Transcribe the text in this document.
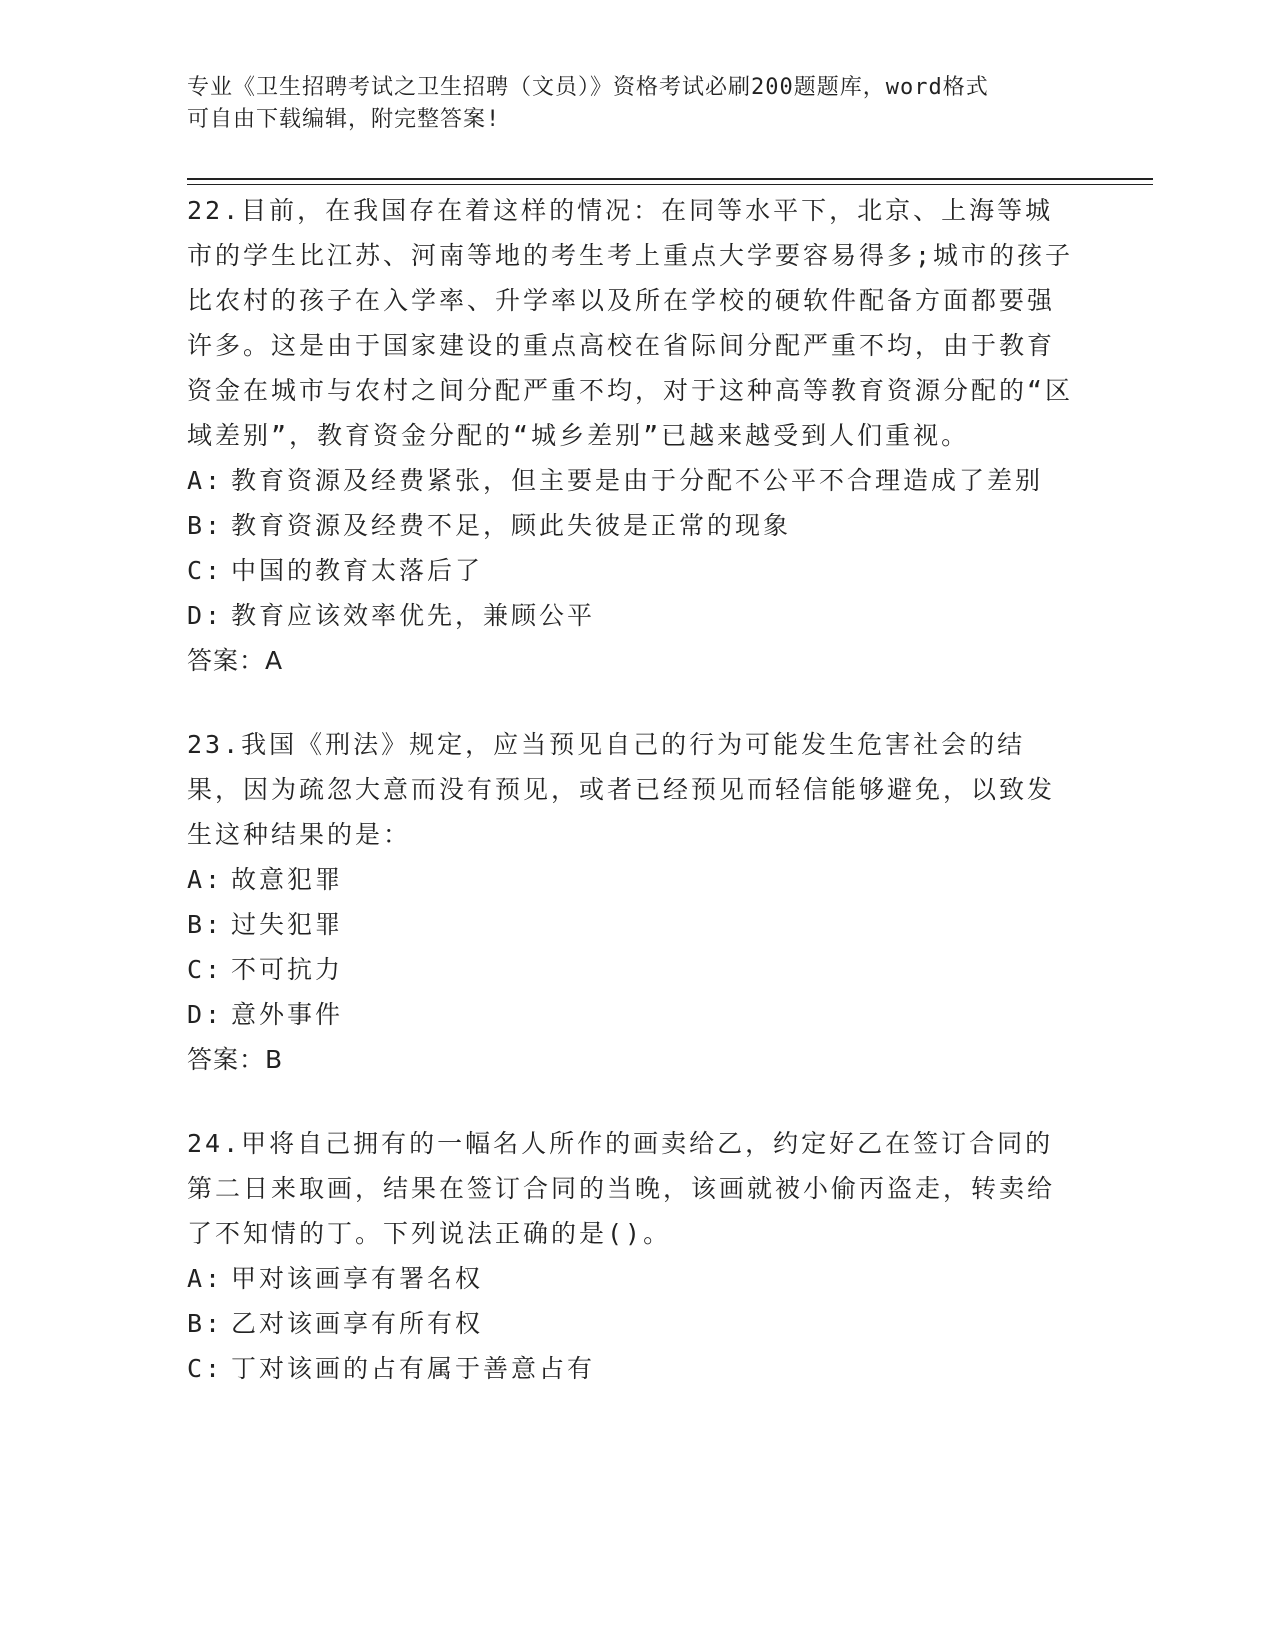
专业《卫生招聘考试之卫生招聘（文员）》资格考试必刷200题题库，word格式
可自由下载编辑，附完整答案!

22.目前，在我国存在着这样的情况：在同等水平下，北京、上海等城市的学生比江苏、河南等地的考生考上重点大学要容易得多;城市的孩子比农村的孩子在入学率、升学率以及所在学校的硬软件配备方面都要强许多。这是由于国家建设的重点高校在省际间分配严重不均，由于教育资金在城市与农村之间分配严重不均，对于这种高等教育资源分配的“区域差别”，教育资金分配的“城乡差别”已越来越受到人们重视。

A: 教育资源及经费紧张，但主要是由于分配不公平不合理造成了差别

B: 教育资源及经费不足，顾此失彼是正常的现象

C: 中国的教育太落后了

D: 教育应该效率优先，兼顾公平

答案：A

23.我国《刑法》规定，应当预见自己的行为可能发生危害社会的结果，因为疏忽大意而没有预见，或者已经预见而轻信能够避免，以致发生这种结果的是：

A: 故意犯罪

B: 过失犯罪

C: 不可抗力

D: 意外事件

答案：B

24.甲将自己拥有的一幅名人所作的画卖给乙，约定好乙在签订合同的第二日来取画，结果在签订合同的当晚，该画就被小偷丙盗走，转卖给了不知情的丁。下列说法正确的是()。

A: 甲对该画享有署名权

B: 乙对该画享有所有权

C: 丁对该画的占有属于善意占有
